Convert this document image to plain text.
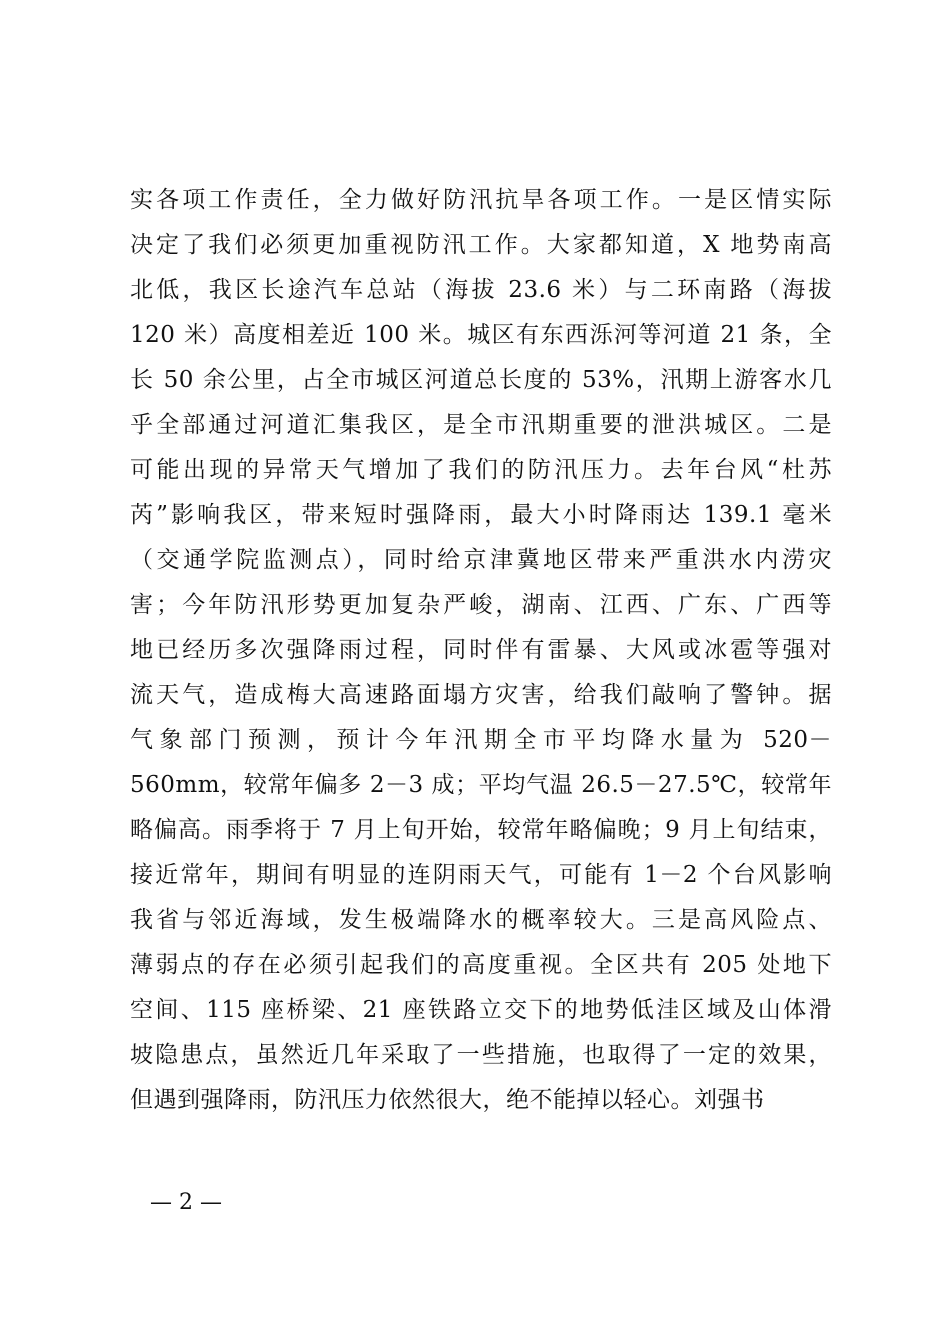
实各项工作责任，全力做好防汛抗旱各项工作。一是区情实际
决定了我们必须更加重视防汛工作。大家都知道，X 地势南高
北低，我区长途汽车总站（海拔 23.6 米）与二环南路（海拔
120 米）高度相差近 100 米。城区有东西泺河等河道 21 条，全
长 50 余公里，占全市城区河道总长度的 53%，汛期上游客水几
乎全部通过河道汇集我区，是全市汛期重要的泄洪城区。二是
可能出现的异常天气增加了我们的防汛压力。去年台风“杜苏
芮”影响我区，带来短时强降雨，最大小时降雨达 139.1 毫米
（交通学院监测点），同时给京津冀地区带来严重洪水内涝灾
害；今年防汛形势更加复杂严峻，湖南、江西、广东、广西等
地已经历多次强降雨过程，同时伴有雷暴、大风或冰雹等强对
流天气，造成梅大高速路面塌方灾害，给我们敲响了警钟。据
气象部门预测，预计今年汛期全市平均降水量为 520－
560mm，较常年偏多 2－3 成；平均气温 26.5－27.5℃，较常年
略偏高。雨季将于 7 月上旬开始，较常年略偏晚；9 月上旬结束，
接近常年，期间有明显的连阴雨天气，可能有 1－2 个台风影响
我省与邻近海域，发生极端降水的概率较大。三是高风险点、
薄弱点的存在必须引起我们的高度重视。全区共有 205 处地下
空间、115 座桥梁、21 座铁路立交下的地势低洼区域及山体滑
坡隐患点，虽然近几年采取了一些措施，也取得了一定的效果，
但遇到强降雨，防汛压力依然很大，绝不能掉以轻心。刘强书
— 2 —
